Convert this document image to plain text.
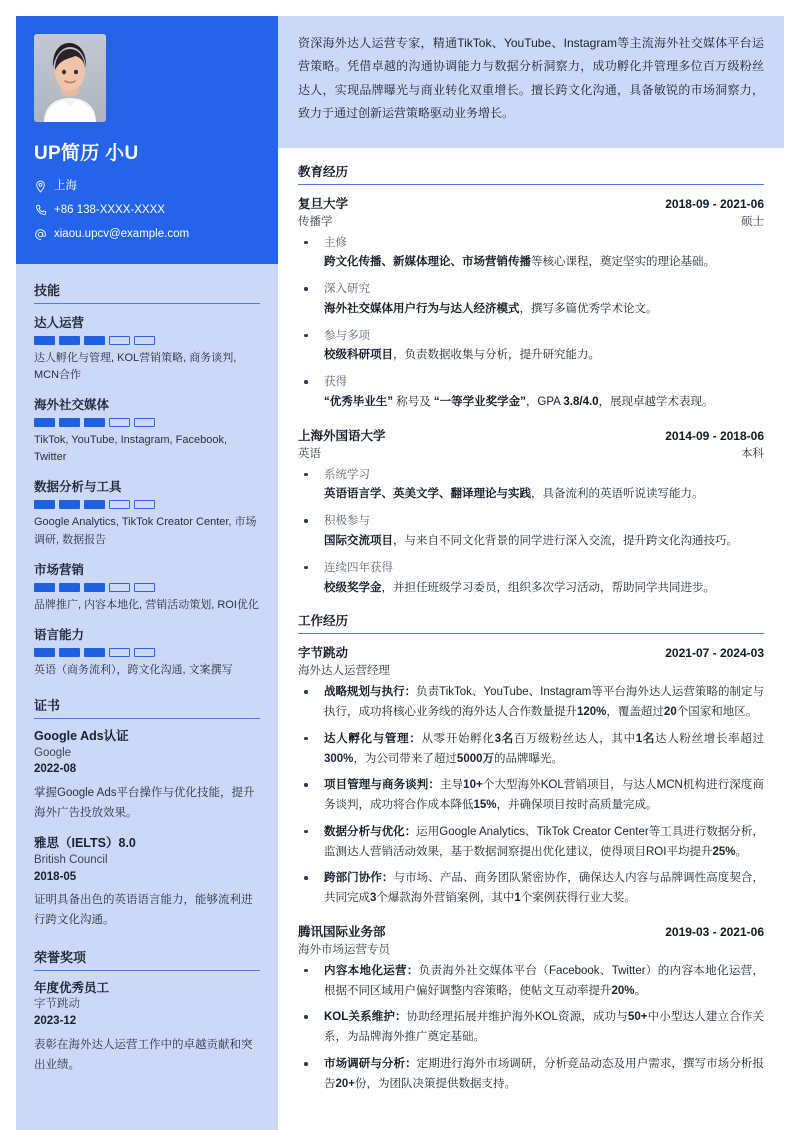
UP简历 小U
上海
+86 138-XXXX-XXXX
xiaou.upcv@example.com
技能
达人运营
达人孵化与管理, KOL营销策略, 商务谈判, MCN合作
海外社交媒体
TikTok, YouTube, Instagram, Facebook, Twitter
数据分析与工具
Google Analytics, TikTok Creator Center, 市场调研, 数据报告
市场营销
品牌推广, 内容本地化, 营销活动策划, ROI优化
语言能力
英语（商务流利），跨文化沟通, 文案撰写
证书
Google Ads认证
Google
2022-08
掌握Google Ads平台操作与优化技能，提升海外广告投放效果。
雅思（IELTS）8.0
British Council
2018-05
证明具备出色的英语语言能力，能够流利进行跨文化沟通。
荣誉奖项
年度优秀员工
字节跳动
2023-12
表彰在海外达人运营工作中的卓越贡献和突出业绩。
资深海外达人运营专家，精通TikTok、YouTube、Instagram等主流海外社交媒体平台运营策略。凭借卓越的沟通协调能力与数据分析洞察力，成功孵化并管理多位百万级粉丝达人，实现品牌曝光与商业转化双重增长。擅长跨文化沟通，具备敏锐的市场洞察力，致力于通过创新运营策略驱动业务增长。
教育经历
复旦大学	2018-09 - 2021-06
传播学	硕士
主修
跨文化传播、新媒体理论、市场营销传播等核心课程，奠定坚实的理论基础。
深入研究
海外社交媒体用户行为与达人经济模式，撰写多篇优秀学术论文。
参与多项
校级科研项目，负责数据收集与分析，提升研究能力。
获得
“优秀毕业生” 称号及 “一等学业奖学金”，GPA 3.8/4.0，展现卓越学术表现。
上海外国语大学	2014-09 - 2018-06
英语	本科
系统学习
英语语言学、英美文学、翻译理论与实践，具备流利的英语听说读写能力。
积极参与
国际交流项目，与来自不同文化背景的同学进行深入交流，提升跨文化沟通技巧。
连续四年获得
校级奖学金，并担任班级学习委员，组织多次学习活动，帮助同学共同进步。
工作经历
字节跳动	2021-07 - 2024-03
海外达人运营经理
战略规划与执行：负责TikTok、YouTube、Instagram等平台海外达人运营策略的制定与执行，成功将核心业务线的海外达人合作数量提升120%，覆盖超过20个国家和地区。
达人孵化与管理：从零开始孵化3名百万级粉丝达人，其中1名达人粉丝增长率超过300%，为公司带来了超过5000万的品牌曝光。
项目管理与商务谈判：主导10+个大型海外KOL营销项目，与达人MCN机构进行深度商务谈判，成功将合作成本降低15%，并确保项目按时高质量完成。
数据分析与优化：运用Google Analytics、TikTok Creator Center等工具进行数据分析，监测达人营销活动效果，基于数据洞察提出优化建议，使得项目ROI平均提升25%。
跨部门协作：与市场、产品、商务团队紧密协作，确保达人内容与品牌调性高度契合，共同完成3个爆款海外营销案例，其中1个案例获得行业大奖。
腾讯国际业务部	2019-03 - 2021-06
海外市场运营专员
内容本地化运营：负责海外社交媒体平台（Facebook、Twitter）的内容本地化运营，根据不同区域用户偏好调整内容策略，使帖文互动率提升20%。
KOL关系维护：协助经理拓展并维护海外KOL资源，成功与50+中小型达人建立合作关系，为品牌海外推广奠定基础。
市场调研与分析：定期进行海外市场调研，分析竞品动态及用户需求，撰写市场分析报告20+份，为团队决策提供数据支持。
